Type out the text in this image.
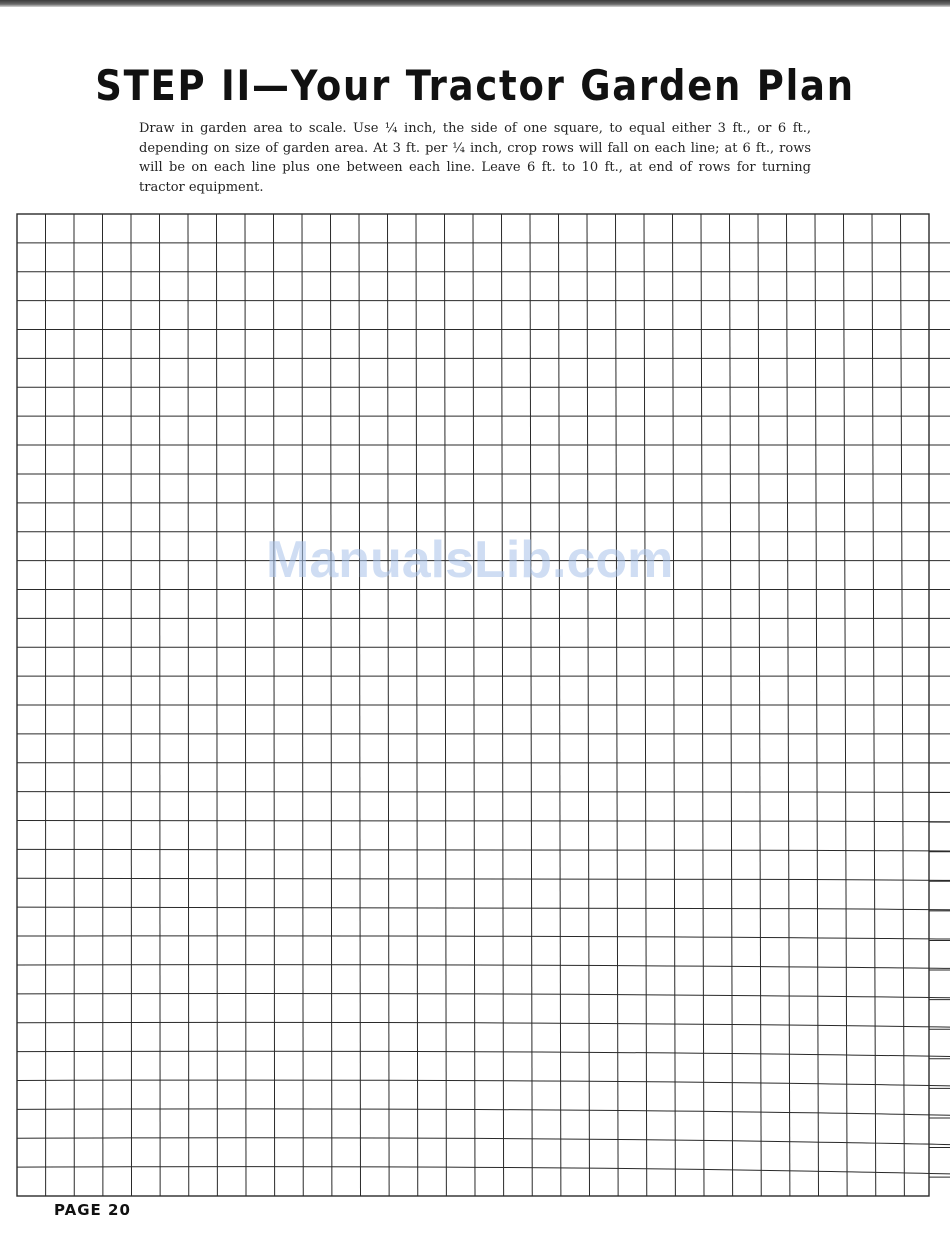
STEP II—Your Tractor Garden Plan

Draw in garden area to scale. Use ¼ inch, the side of one square, to equal either 3 ft., or 6 ft., depending on size of garden area. At 3 ft. per ¼ inch, crop rows will fall on each line; at 6 ft., rows will be on each line plus one between each line. Leave 6 ft. to 10 ft., at end of rows for turning tractor equipment.

ManualsLib.com
PAGE 20
